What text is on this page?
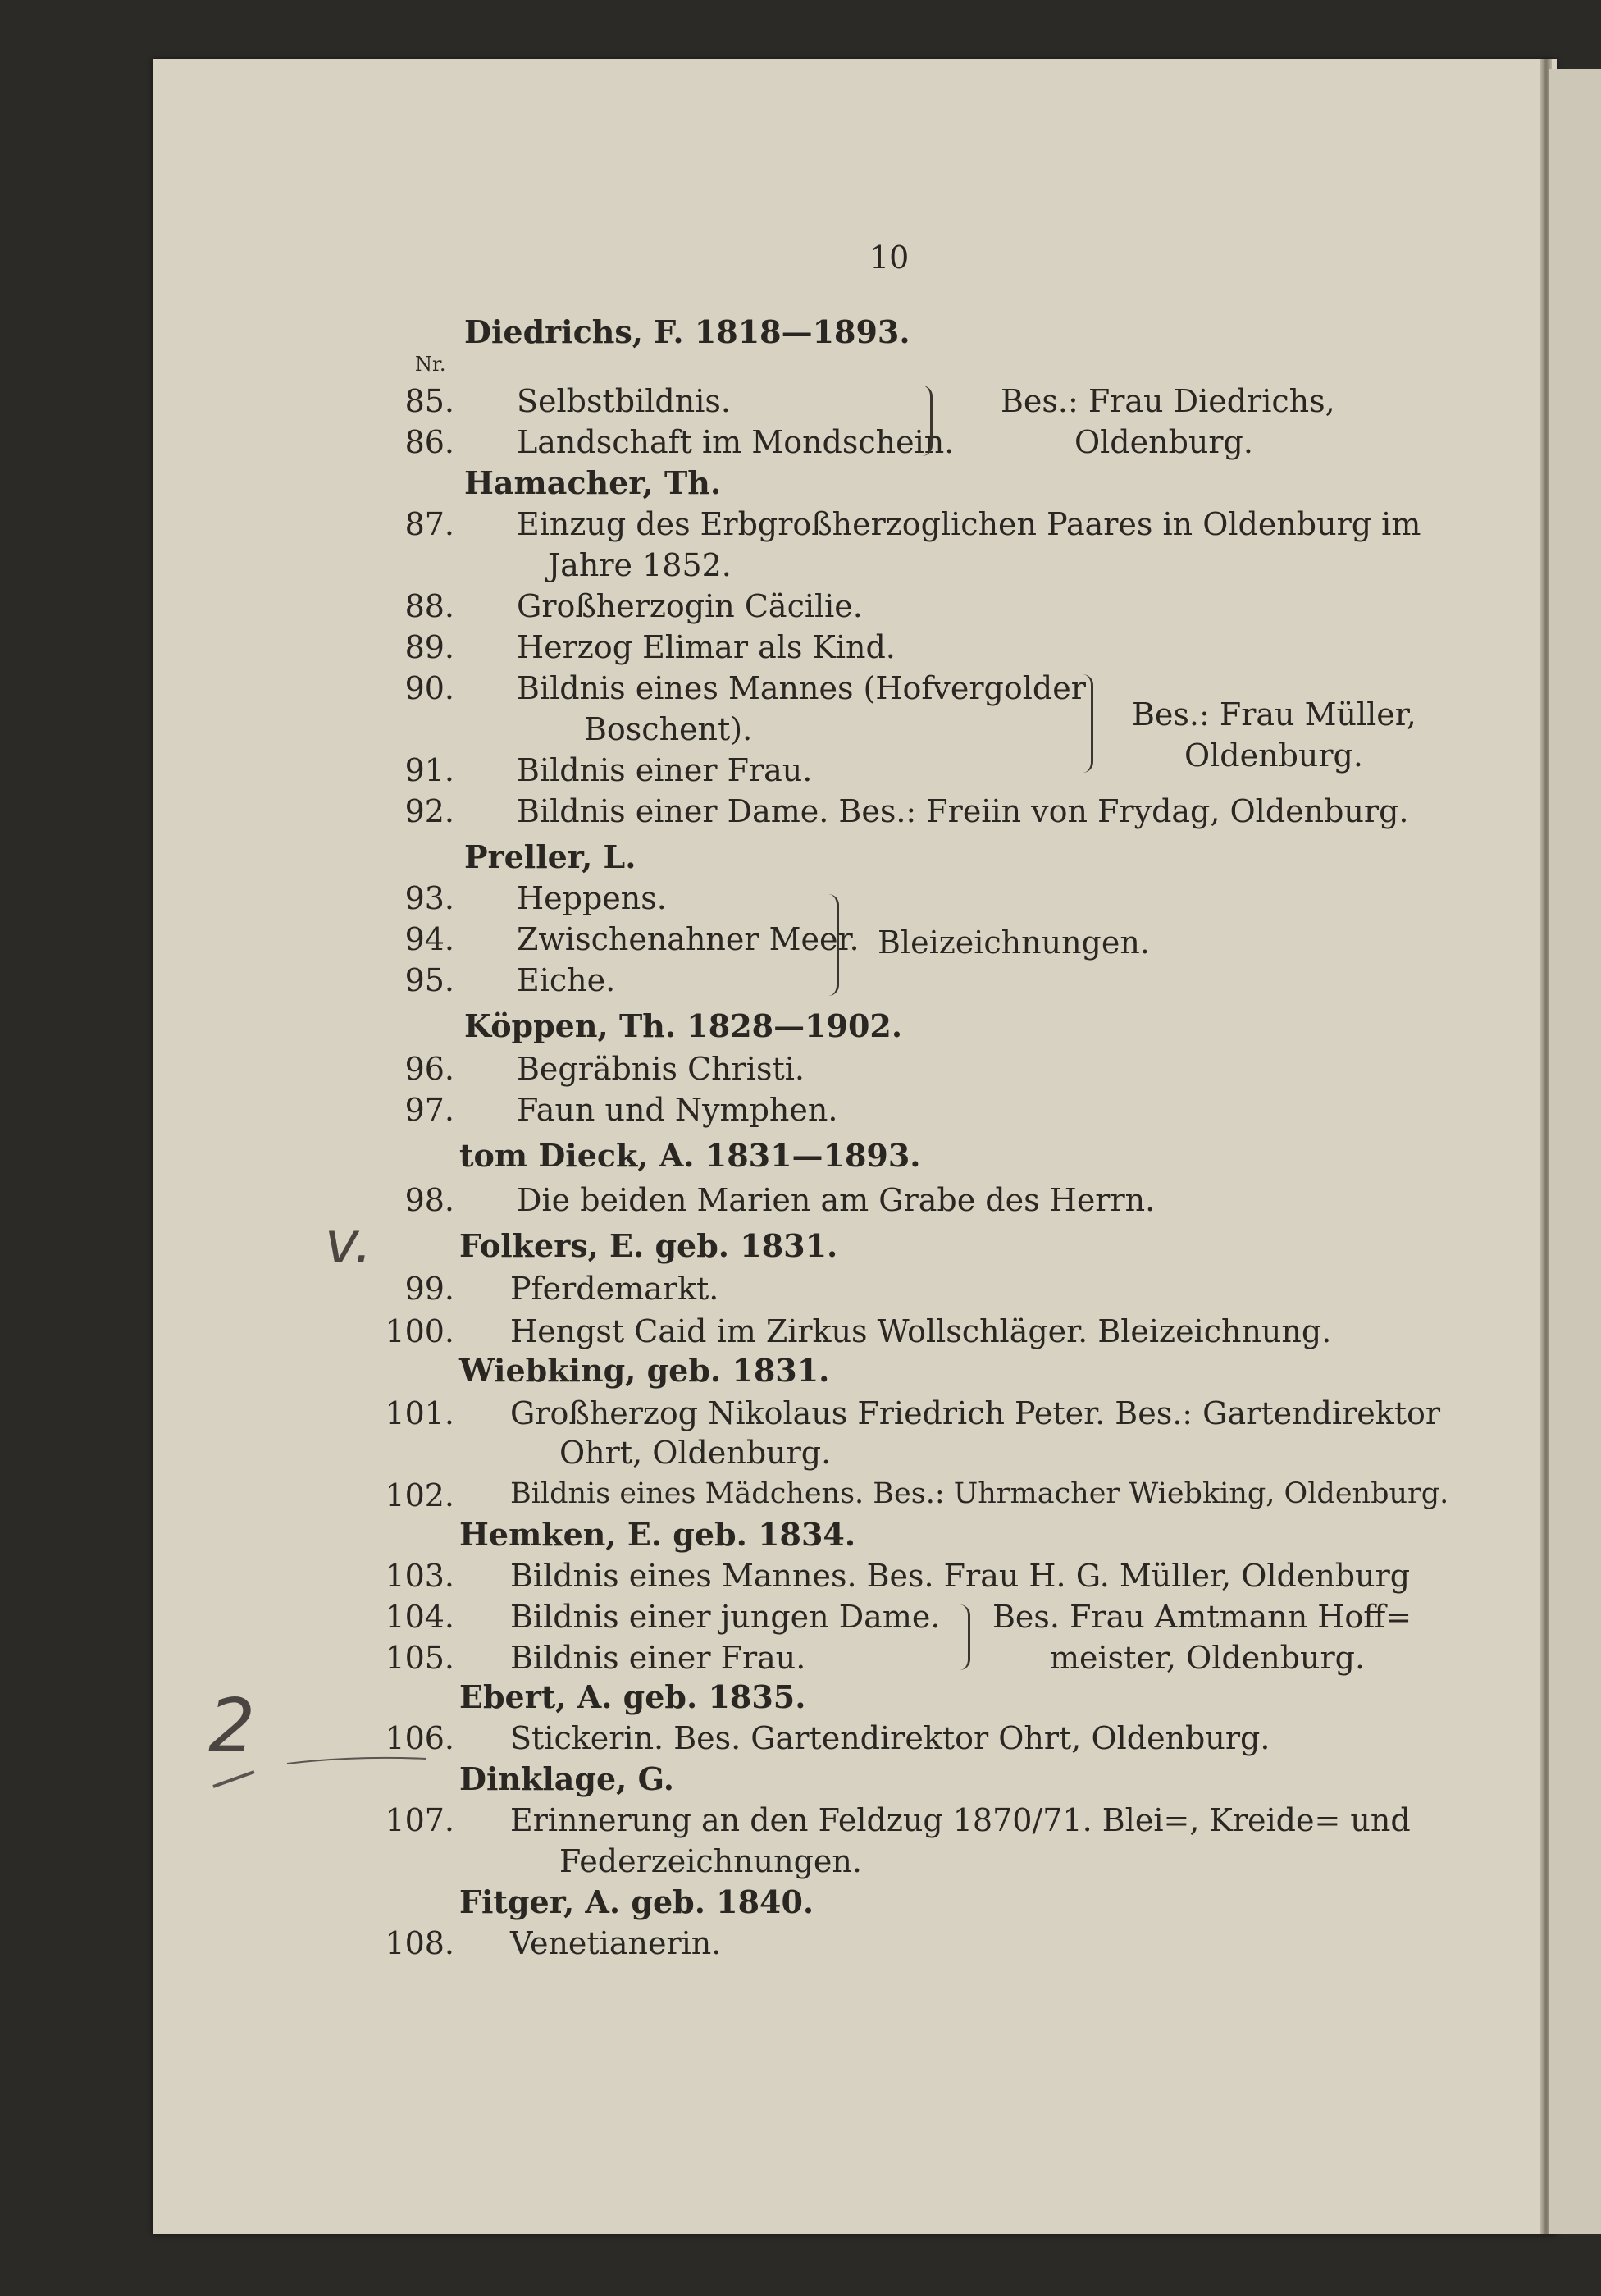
10
Diedrichs, F. 1818—1893.
Nr.
85. Selbstbildnis.
86. Landschaft im Mondschein.
Bes.: Frau Diedrichs,
Oldenburg.
Hamacher, Th.
87. Einzug des Erbgroßherzoglichen Paares in Oldenburg im
Jahre 1852.
88. Großherzogin Cäcilie.
89. Herzog Elimar als Kind.
90. Bildnis eines Mannes (Hofvergolder
Boschent).
91. Bildnis einer Frau.
Bes.: Frau Müller,
Oldenburg.
92. Bildnis einer Dame. Bes.: Freiin von Frydag, Oldenburg.
Preller, L.
93. Heppens.
94. Zwischenahner Meer.
95. Eiche.
Bleizeichnungen.
Köppen, Th. 1828—1902.
96. Begräbnis Christi.
97. Faun und Nymphen.
tom Dieck, A. 1831—1893.
98. Die beiden Marien am Grabe des Herrn.
Folkers, E. geb. 1831.
99. Pferdemarkt.
100. Hengst Caid im Zirkus Wollschläger. Bleizeichnung.
Wiebking, geb. 1831.
101. Großherzog Nikolaus Friedrich Peter. Bes.: Gartendirektor
Ohrt, Oldenburg.
102. Bildnis eines Mädchens. Bes.: Uhrmacher Wiebking, Oldenburg.
Hemken, E. geb. 1834.
103. Bildnis eines Mannes. Bes. Frau H. G. Müller, Oldenburg
104. Bildnis einer jungen Dame.
105. Bildnis einer Frau.
Bes. Frau Amtmann Hoff=
meister, Oldenburg.
Ebert, A. geb. 1835.
106. Stickerin. Bes. Gartendirektor Ohrt, Oldenburg.
Dinklage, G.
107. Erinnerung an den Feldzug 1870/71. Blei=, Kreide= und
Federzeichnungen.
Fitger, A. geb. 1840.
108. Venetianerin.
v.
2
